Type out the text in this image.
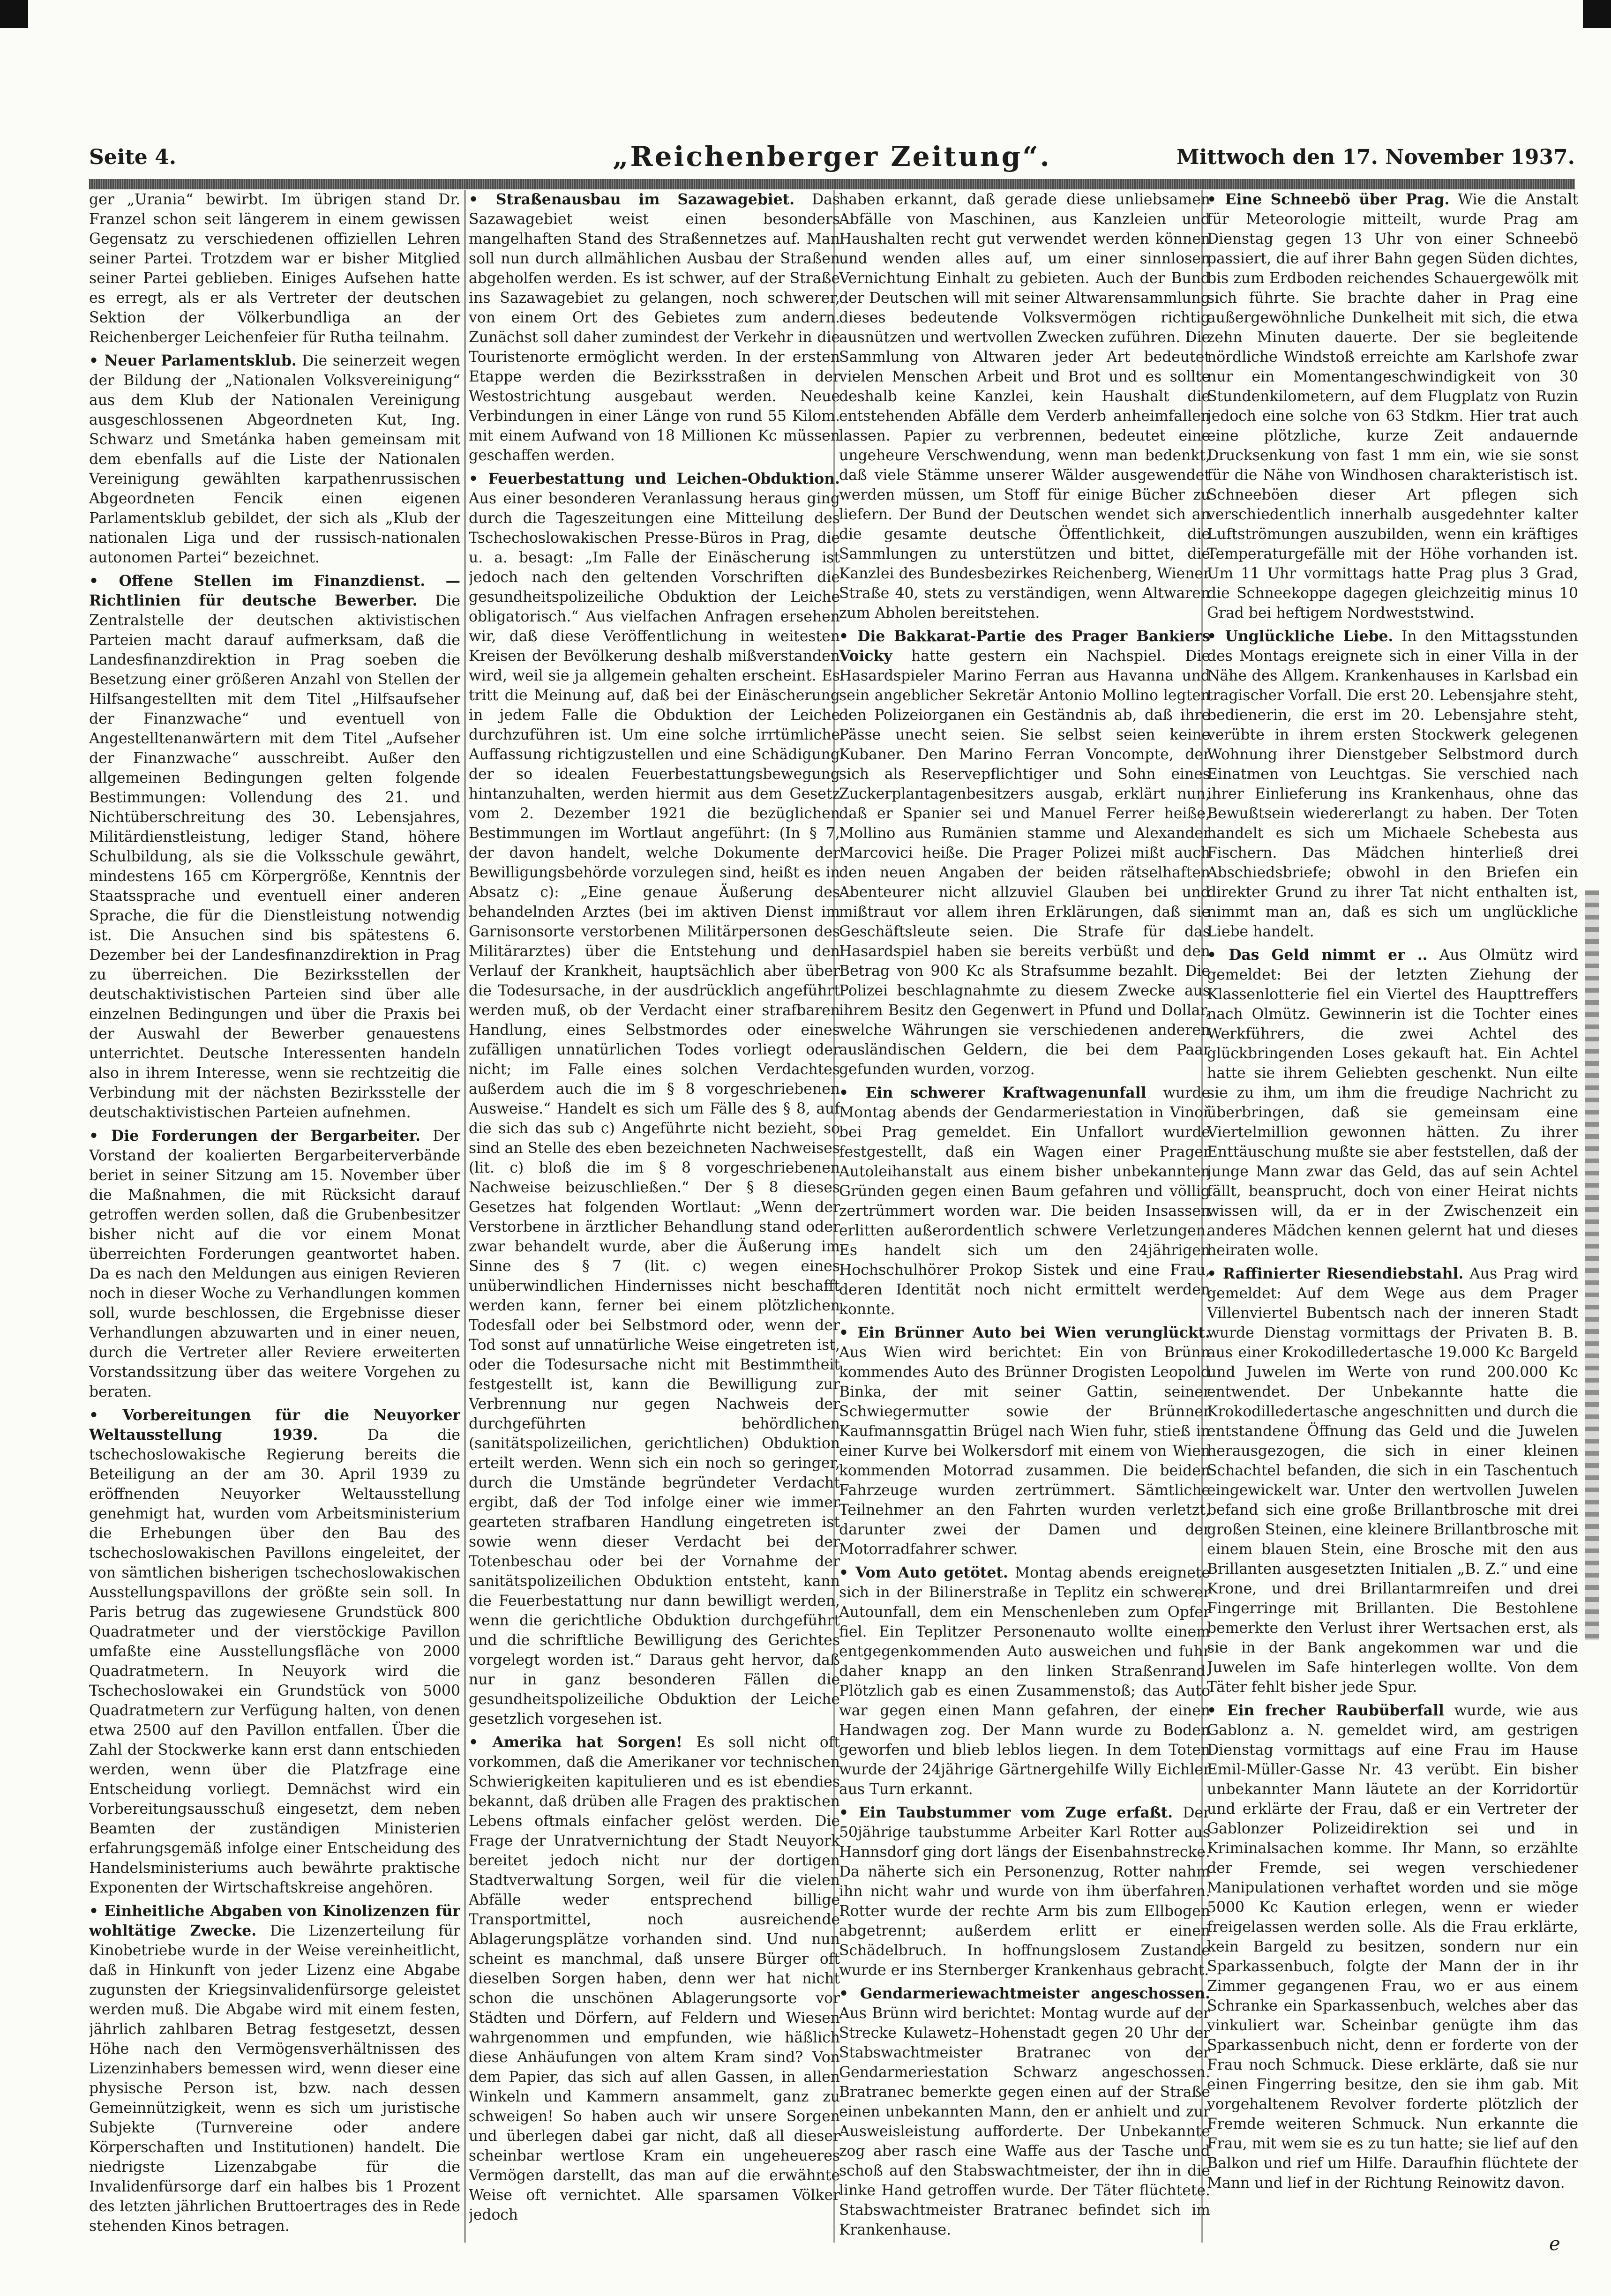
Seite 4.	„Reichenberger Zeitung“.	Mittwoch den 17. November 1937.

ger „Urania“ bewirbt. Im übrigen stand Dr. Franzel schon seit längerem in einem gewissen Gegensatz zu verschiedenen offiziellen Lehren seiner Partei. Trotzdem war er bisher Mitglied seiner Partei geblieben. Einiges Aufsehen hatte es erregt, als er als Vertreter der deutschen Sektion der Völkerbundliga an der Reichenberger Leichenfeier für Rutha teilnahm.

• Neuer Parlamentsklub. Die seinerzeit wegen der Bildung der „Nationalen Volksvereinigung“ aus dem Klub der Nationalen Vereinigung ausgeschlossenen Abgeordneten Kut, Ing. Schwarz und Smetánka haben gemeinsam mit dem ebenfalls auf die Liste der Nationalen Vereinigung gewählten karpathenrussischen Abgeordneten Fencik einen eigenen Parlamentsklub gebildet, der sich als „Klub der nationalen Liga und der russisch-nationalen autonomen Partei“ bezeichnet.

• Offene Stellen im Finanzdienst. — Richtlinien für deutsche Bewerber. Die Zentralstelle der deutschen aktivistischen Parteien macht darauf aufmerksam, daß die Landesfinanzdirektion in Prag soeben die Besetzung einer größeren Anzahl von Stellen der Hilfsangestellten mit dem Titel „Hilfsaufseher der Finanzwache“ und eventuell von Angestelltenanwärtern mit dem Titel „Aufseher der Finanzwache“ ausschreibt. Außer den allgemeinen Bedingungen gelten folgende Bestimmungen: Vollendung des 21. und Nichtüberschreitung des 30. Lebensjahres, Militärdienstleistung, lediger Stand, höhere Schulbildung, als sie die Volksschule gewährt, mindestens 165 cm Körpergröße, Kenntnis der Staatssprache und eventuell einer anderen Sprache, die für die Dienstleistung notwendig ist. Die Ansuchen sind bis spätestens 6. Dezember bei der Landesfinanzdirektion in Prag zu überreichen. Die Bezirksstellen der deutschaktivistischen Parteien sind über alle einzelnen Bedingungen und über die Praxis bei der Auswahl der Bewerber genauestens unterrichtet. Deutsche Interessenten handeln also in ihrem Interesse, wenn sie rechtzeitig die Verbindung mit der nächsten Bezirksstelle der deutschaktivistischen Parteien aufnehmen.

• Die Forderungen der Bergarbeiter. Der Vorstand der koalierten Bergarbeiterverbände beriet in seiner Sitzung am 15. November über die Maßnahmen, die mit Rücksicht darauf getroffen werden sollen, daß die Grubenbesitzer bisher nicht auf die vor einem Monat überreichten Forderungen geantwortet haben. Da es nach den Meldungen aus einigen Revieren noch in dieser Woche zu Verhandlungen kommen soll, wurde beschlossen, die Ergebnisse dieser Verhandlungen abzuwarten und in einer neuen, durch die Vertreter aller Reviere erweiterten Vorstandssitzung über das weitere Vorgehen zu beraten.

• Vorbereitungen für die Neuyorker Weltausstellung 1939.	Da die tschechoslowakische Regierung bereits die Beteiligung an der am 30. April 1939 zu eröffnenden Neuyorker Weltausstellung genehmigt hat, wurden vom Arbeitsministerium die Erhebungen über den Bau des tschechoslowakischen Pavillons eingeleitet, der von sämtlichen bisherigen tschechoslowakischen Ausstellungspavillons der größte sein soll. In Paris betrug das zugewiesene Grundstück 800 Quadratmeter und der vierstöckige Pavillon umfaßte eine Ausstellungsfläche von 2000 Quadratmetern. In Neuyork wird die Tschechoslowakei ein Grundstück von 5000 Quadratmetern zur Verfügung halten, von denen etwa 2500 auf den Pavillon entfallen. Über die Zahl der Stockwerke kann erst dann entschieden werden, wenn über die Platzfrage eine Entscheidung vorliegt. Demnächst wird ein Vorbereitungsausschuß eingesetzt, dem neben Beamten der zuständigen Ministerien erfahrungsgemäß infolge einer Entscheidung des Handelsministeriums auch bewährte praktische Exponenten der Wirtschaftskreise angehören.

• Einheitliche Abgaben von Kinolizenzen für wohltätige Zwecke. Die Lizenzerteilung für Kinobetriebe wurde in der Weise vereinheitlicht, daß in Hinkunft von jeder Lizenz eine Abgabe zugunsten der Kriegsinvalidenfürsorge geleistet werden muß. Die Abgabe wird mit einem festen, jährlich zahlbaren Betrag festgesetzt, dessen Höhe nach den Vermögensverhältnissen des Lizenzinhabers bemessen wird, wenn dieser eine physische Person ist, bzw. nach dessen Gemeinnützigkeit, wenn es sich um juristische Subjekte (Turnvereine oder andere Körperschaften und Institutionen) handelt. Die niedrigste Lizenzabgabe für die Invalidenfürsorge darf ein halbes bis 1 Prozent des letzten jährlichen Bruttoertrages des in Rede stehenden Kinos betragen.

• Straßenausbau im Sazawagebiet. Das Sazawagebiet weist einen besonders mangelhaften Stand des Straßennetzes auf. Man soll nun durch allmählichen Ausbau der Straßen abgeholfen werden. Es ist schwer, auf der Straße ins Sazawagebiet zu gelangen, noch schwerer, von einem Ort des Gebietes zum andern. Zunächst soll daher zumindest der Verkehr in die Touristenorte ermöglicht werden. In der ersten Etappe werden die Bezirksstraßen in der Westostrichtung ausgebaut werden. Neue Verbindungen in einer Länge von rund 55 Kilom. mit einem Aufwand von 18 Millionen Kc müssen geschaffen werden.

• Feuerbestattung und Leichen-Obduktion. Aus einer besonderen Veranlassung heraus ging durch die Tageszeitungen eine Mitteilung des Tschechoslowakischen Presse-Büros in Prag, die u. a. besagt: „Im Falle der Einäscherung ist jedoch nach den geltenden Vorschriften die gesundheitspolizeiliche Obduktion der Leiche obligatorisch.“ Aus vielfachen Anfragen ersehen wir, daß diese Veröffentlichung in weitesten Kreisen der Bevölkerung deshalb mißverstanden wird, weil sie ja allgemein gehalten erscheint. Es tritt die Meinung auf, daß bei der Einäscherung in jedem Falle die Obduktion der Leiche durchzuführen ist. Um eine solche irrtümliche Auffassung richtigzustellen und eine Schädigung der so idealen Feuerbestattungsbewegung hintanzuhalten, werden hiermit aus dem Gesetz vom 2. Dezember 1921 die bezüglichen Bestimmungen im Wortlaut angeführt: (In § 7, der davon handelt, welche Dokumente der Bewilligungsbehörde vorzulegen sind, heißt es in Absatz c): „Eine genaue Äußerung des behandelnden Arztes (bei im aktiven Dienst im Garnisonsorte verstorbenen Militärpersonen des Militärarztes) über die Entstehung und den Verlauf der Krankheit, hauptsächlich aber über die Todesursache, in der ausdrücklich angeführt werden muß, ob der Verdacht einer strafbaren Handlung, eines Selbstmordes oder eines zufälligen unnatürlichen Todes vorliegt oder nicht; im Falle eines solchen Verdachtes außerdem auch die im § 8 vorgeschriebenen Ausweise.“ Handelt es sich um Fälle des § 8, auf die sich das sub c) Angeführte nicht bezieht, so sind an Stelle des eben bezeichneten Nachweises (lit. c) bloß die im § 8 vorgeschriebenen Nachweise beizuschließen.“ Der § 8 dieses Gesetzes hat folgenden Wortlaut: „Wenn der Verstorbene in ärztlicher Behandlung stand oder zwar behandelt wurde, aber die Äußerung im Sinne des § 7 (lit. c) wegen eines unüberwindlichen Hindernisses nicht beschafft werden kann, ferner bei einem plötzlichen Todesfall oder bei Selbstmord oder, wenn der Tod sonst auf unnatürliche Weise eingetreten ist, oder die Todesursache nicht mit Bestimmtheit festgestellt ist, kann die Bewilligung zur Verbrennung nur gegen Nachweis der durchgeführten behördlichen (sanitätspolizeilichen, gerichtlichen) Obduktion erteilt werden. Wenn sich ein noch so geringer, durch die Umstände begründeter Verdacht ergibt, daß der Tod infolge einer wie immer gearteten strafbaren Handlung eingetreten ist sowie wenn dieser Verdacht bei der Totenbeschau oder bei der Vornahme der sanitätspolizeilichen Obduktion entsteht, kann die Feuerbestattung nur dann bewilligt werden, wenn die gerichtliche Obduktion durchgeführt und die schriftliche Bewilligung des Gerichtes vorgelegt worden ist.“ Daraus geht hervor, daß nur in ganz besonderen Fällen die gesundheitspolizeiliche Obduktion der Leiche gesetzlich vorgesehen ist.

• Amerika hat Sorgen! Es soll nicht oft vorkommen, daß die Amerikaner vor technischen Schwierigkeiten kapitulieren und es ist ebendies bekannt, daß drüben alle Fragen des praktischen Lebens oftmals einfacher gelöst werden. Die Frage der Unratvernichtung der Stadt Neuyork bereitet jedoch nicht nur der dortigen Stadtverwaltung Sorgen, weil für die vielen Abfälle weder entsprechend billige Transportmittel, noch ausreichende Ablagerungsplätze vorhanden sind. Und nun scheint es manchmal, daß unsere Bürger oft dieselben Sorgen haben, denn wer hat nicht schon die unschönen Ablagerungsorte vor Städten und Dörfern, auf Feldern und Wiesen wahrgenommen und empfunden, wie häßlich diese Anhäufungen von altem Kram sind? Von dem Papier, das sich auf allen Gassen, in allen Winkeln und Kammern ansammelt, ganz zu schweigen! So haben auch wir unsere Sorgen und überlegen dabei gar nicht, daß all dieser scheinbar wertlose Kram ein ungeheueres Vermögen darstellt, das man auf die erwähnte Weise oft vernichtet. Alle sparsamen Völker jedoch

haben erkannt, daß gerade diese unliebsamen Abfälle von Maschinen, aus Kanzleien und Haushalten recht gut verwendet werden können und wenden alles auf, um einer sinnlosen Vernichtung Einhalt zu gebieten. Auch der Bund der Deutschen will mit seiner Altwarensammlung dieses bedeutende Volksvermögen richtig ausnützen und wertvollen Zwecken zuführen. Die Sammlung von Altwaren jeder Art bedeutet vielen Menschen Arbeit und Brot und es sollte deshalb keine Kanzlei, kein Haushalt die entstehenden Abfälle dem Verderb anheimfallen lassen. Papier zu verbrennen, bedeutet eine ungeheure Verschwendung, wenn man bedenkt, daß viele Stämme unserer Wälder ausgewendet werden müssen, um Stoff für einige Bücher zu liefern. Der Bund der Deutschen wendet sich an die gesamte deutsche Öffentlichkeit, die Sammlungen zu unterstützen und bittet, die Kanzlei des Bundesbezirkes Reichenberg, Wiener Straße 40, stets zu verständigen, wenn Altwaren zum Abholen bereitstehen.

• Die Bakkarat-Partie des Prager Bankiers Voicky hatte gestern ein Nachspiel. Die Hasardspieler Marino Ferran aus Havanna und sein angeblicher Sekretär Antonio Mollino legten den Polizeiorganen ein Geständnis ab, daß ihre Pässe unecht seien. Sie selbst seien keine Kubaner. Den Marino Ferran Voncompte, der sich als Reservepflichtiger und Sohn eines Zuckerplantagenbesitzers ausgab, erklärt nun, daß er Spanier sei und Manuel Ferrer heiße, Mollino aus Rumänien stamme und Alexander Marcovici heiße. Die Prager Polizei mißt auch den neuen Angaben der beiden rätselhaften Abenteurer nicht allzuviel Glauben bei und mißtraut vor allem ihren Erklärungen, daß sie Geschäftsleute seien. Die Strafe für das Hasardspiel haben sie bereits verbüßt und den Betrag von 900 Kc als Strafsumme bezahlt. Die Polizei beschlagnahmte zu diesem Zwecke aus ihrem Besitz den Gegenwert in Pfund und Dollar, welche Währungen sie verschiedenen anderen ausländischen Geldern, die bei dem Paar gefunden wurden, vorzog.

• Ein schwerer Kraftwagenunfall wurde Montag abends der Gendarmeriestation in Vinoř bei Prag gemeldet. Ein Unfallort wurde festgestellt, daß ein Wagen einer Prager Autoleihanstalt aus einem bisher unbekannten Gründen gegen einen Baum gefahren und völlig zertrümmert worden war. Die beiden Insassen erlitten außerordentlich schwere Verletzungen. Es handelt sich um den 24jährigen Hochschulhörer Prokop Sistek und eine Frau, deren Identität noch nicht ermittelt werden konnte.

• Ein Brünner Auto bei Wien verunglückt. Aus Wien wird berichtet: Ein von Brünn kommendes Auto des Brünner Drogisten Leopold Binka, der mit seiner Gattin, seiner Schwiegermutter sowie der Brünner Kaufmannsgattin Brügel nach Wien fuhr, stieß in einer Kurve bei Wolkersdorf mit einem von Wien kommenden Motorrad zusammen. Die beiden Fahrzeuge wurden zertrümmert. Sämtliche Teilnehmer an den Fahrten wurden verletzt, darunter zwei der Damen und der Motorradfahrer schwer.

• Vom Auto getötet. Montag abends ereignete sich in der Bilinerstraße in Teplitz ein schwerer Autounfall, dem ein Menschenleben zum Opfer fiel. Ein Teplitzer Personenauto wollte einem entgegenkommenden Auto ausweichen und fuhr daher knapp an den linken Straßenrand. Plötzlich gab es einen Zusammenstoß; das Auto war gegen einen Mann gefahren, der einen Handwagen zog. Der Mann wurde zu Boden geworfen und blieb leblos liegen. In dem Toten wurde der 24jährige Gärtnergehilfe Willy Eichler aus Turn erkannt.

• Ein Taubstummer vom Zuge erfaßt. Der 50jährige taubstumme Arbeiter Karl Rotter aus Hannsdorf ging dort längs der Eisenbahnstrecke. Da näherte sich ein Personenzug, Rotter nahm ihn nicht wahr und wurde von ihm überfahren. Rotter wurde der rechte Arm bis zum Ellbogen abgetrennt; außerdem erlitt er einen Schädelbruch. In hoffnungslosem Zustande wurde er ins Sternberger Krankenhaus gebracht.

• Gendarmeriewachtmeister angeschossen. Aus Brünn wird berichtet: Montag wurde auf der Strecke Kulawetz–Hohenstadt gegen 20 Uhr der Stabswachtmeister Bratranec von der Gendarmeriestation Schwarz angeschossen. Bratranec bemerkte gegen einen auf der Straße einen unbekannten Mann, den er anhielt und zur Ausweisleistung aufforderte. Der Unbekannte zog aber rasch eine Waffe aus der Tasche und schoß auf den Stabswachtmeister, der ihn in die linke Hand getroffen wurde. Der Täter flüchtete. Stabswachtmeister Bratranec befindet sich im Krankenhause.

• Eine Schneebö über Prag. Wie die Anstalt für Meteorologie mitteilt, wurde Prag am Dienstag gegen 13 Uhr von einer Schneebö passiert, die auf ihrer Bahn gegen Süden dichtes, bis zum Erdboden reichendes Schauergewölk mit sich führte. Sie brachte daher in Prag eine außergewöhnliche Dunkelheit mit sich, die etwa zehn Minuten dauerte. Der sie begleitende nördliche Windstoß erreichte am Karlshofe zwar nur ein Momentangeschwindigkeit von 30 Stundenkilometern, auf dem Flugplatz von Ruzin jedoch eine solche von 63 Stdkm. Hier trat auch eine plötzliche, kurze Zeit andauernde Drucksenkung von fast 1 mm ein, wie sie sonst für die Nähe von Windhosen charakteristisch ist. Schneeböen dieser Art pflegen sich verschiedentlich innerhalb ausgedehnter kalter Luftströmungen auszubilden, wenn ein kräftiges Temperaturgefälle mit der Höhe vorhanden ist. Um 11 Uhr vormittags hatte Prag plus 3 Grad, die Schneekoppe dagegen gleichzeitig minus 10 Grad bei heftigem Nordweststwind.

• Unglückliche Liebe. In den Mittagsstunden des Montags ereignete sich in einer Villa in der Nähe des Allgem. Krankenhauses in Karlsbad ein tragischer Vorfall. Die erst 20. Lebensjahre steht, bedienerin, die erst im 20. Lebensjahre steht, verübte in ihrem ersten Stockwerk gelegenen Wohnung ihrer Dienstgeber Selbstmord durch Einatmen von Leuchtgas. Sie verschied nach ihrer Einlieferung ins Krankenhaus, ohne das Bewußtsein wiedererlangt zu haben. Der Toten handelt es sich um Michaele Schebesta aus Fischern. Das Mädchen hinterließ drei Abschiedsbriefe; obwohl in den Briefen ein direkter Grund zu ihrer Tat nicht enthalten ist, nimmt man an, daß es sich um unglückliche Liebe handelt.

• Das Geld nimmt er .. Aus Olmütz wird gemeldet: Bei der letzten Ziehung der Klassenlotterie fiel ein Viertel des Haupttreffers nach Olmütz. Gewinnerin ist die Tochter eines Werkführers, die zwei Achtel des glückbringenden Loses gekauft hat. Ein Achtel hatte sie ihrem Geliebten geschenkt. Nun eilte sie zu ihm, um ihm die freudige Nachricht zu überbringen, daß sie gemeinsam eine Viertelmillion gewonnen hätten. Zu ihrer Enttäuschung mußte sie aber feststellen, daß der junge Mann zwar das Geld, das auf sein Achtel fällt, beansprucht, doch von einer Heirat nichts wissen will, da er in der Zwischenzeit ein anderes Mädchen kennen gelernt hat und dieses heiraten wolle.

• Raffinierter Riesendiebstahl. Aus Prag wird gemeldet: Auf dem Wege aus dem Prager Villenviertel Bubentsch nach der inneren Stadt wurde Dienstag vormittags der Privaten B. B. aus einer Krokodilledertasche 19.000 Kc Bargeld und Juwelen im Werte von rund 200.000 Kc entwendet. Der Unbekannte hatte die Krokodilledertasche angeschnitten und durch die entstandene Öffnung das Geld und die Juwelen herausgezogen, die sich in einer kleinen Schachtel befanden, die sich in ein Taschentuch eingewickelt war. Unter den wertvollen Juwelen befand sich eine große Brillantbrosche mit drei großen Steinen, eine kleinere Brillantbrosche mit einem blauen Stein, eine Brosche mit den aus Brillanten ausgesetzten Initialen „B. Z.“ und eine Krone, und drei Brillantarmreifen und drei Fingerringe mit Brillanten. Die Bestohlene bemerkte den Verlust ihrer Wertsachen erst, als sie in der Bank angekommen war und die Juwelen im Safe hinterlegen wollte. Von dem Täter fehlt bisher jede Spur.

• Ein frecher Raubüberfall wurde, wie aus Gablonz a. N. gemeldet wird, am gestrigen Dienstag vormittags auf eine Frau im Hause Emil-Müller-Gasse Nr. 43 verübt. Ein bisher unbekannter Mann läutete an der Korridortür und erklärte der Frau, daß er ein Vertreter der Gablonzer Polizeidirektion sei und in Kriminalsachen komme. Ihr Mann, so erzählte der Fremde, sei wegen verschiedener Manipulationen verhaftet worden und sie möge 5000 Kc Kaution erlegen, wenn er wieder freigelassen werden solle. Als die Frau erklärte, kein Bargeld zu besitzen, sondern nur ein Sparkassenbuch, folgte der Mann der in ihr Zimmer gegangenen Frau, wo er aus einem Schranke ein Sparkassenbuch, welches aber das vinkuliert war. Scheinbar genügte ihm das Sparkassenbuch nicht, denn er forderte von der Frau noch Schmuck. Diese erklärte, daß sie nur einen Fingerring besitze, den sie ihm gab. Mit vorgehaltenem Revolver forderte plötzlich der Fremde weiteren Schmuck. Nun erkannte die Frau, mit wem sie es zu tun hatte; sie lief auf den Balkon und rief um Hilfe. Daraufhin flüchtete der Mann und lief in der Richtung Reinowitz davon.

ℯ
